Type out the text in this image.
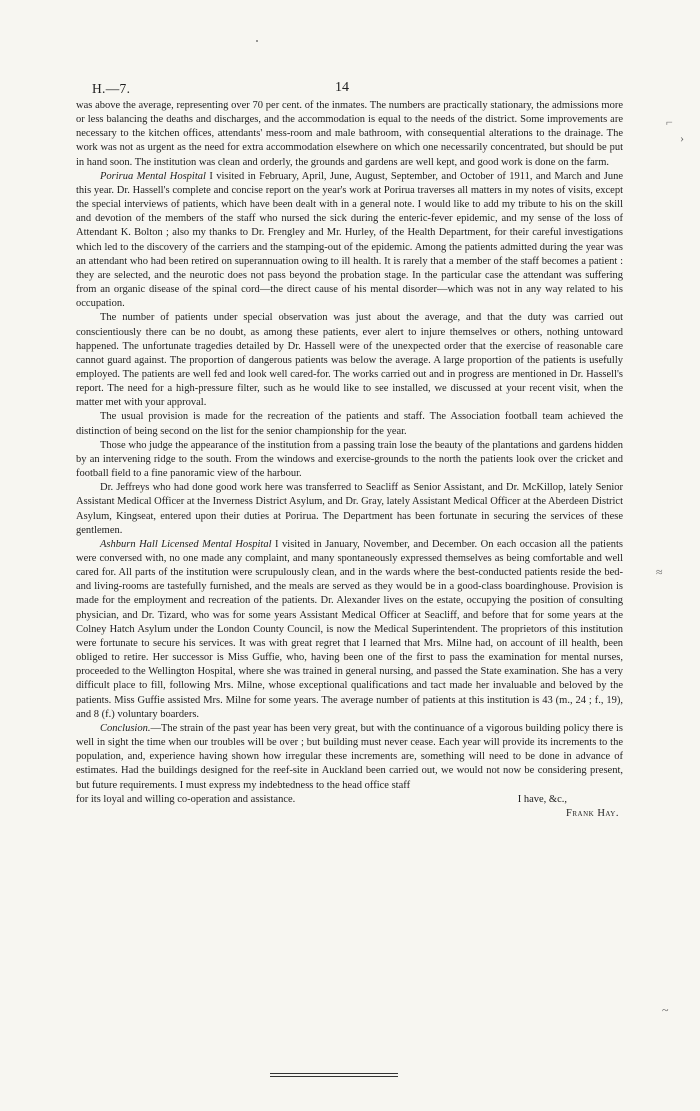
H.—7.	14

was above the average, representing over 70 per cent. of the inmates. The numbers are practically stationary, the admissions more or less balancing the deaths and discharges, and the accommodation is equal to the needs of the district. Some improvements are necessary to the kitchen offices, attendants' mess-room and male bathroom, with consequential alterations to the drainage. The work was not as urgent as the need for extra accommodation elsewhere on which one necessarily concentrated, but should be put in hand soon. The institution was clean and orderly, the grounds and gardens are well kept, and good work is done on the farm.

Porirua Mental Hospital I visited in February, April, June, August, September, and October of 1911, and March and June this year. Dr. Hassell's complete and concise report on the year's work at Porirua traverses all matters in my notes of visits, except the special interviews of patients, which have been dealt with in a general note. I would like to add my tribute to his on the skill and devotion of the members of the staff who nursed the sick during the enteric-fever epidemic, and my sense of the loss of Attendant K. Bolton ; also my thanks to Dr. Frengley and Mr. Hurley, of the Health Department, for their careful investigations which led to the discovery of the carriers and the stamping-out of the epidemic. Among the patients admitted during the year was an attendant who had been retired on superannuation owing to ill health. It is rarely that a member of the staff becomes a patient : they are selected, and the neurotic does not pass beyond the probation stage. In the particular case the attendant was suffering from an organic disease of the spinal cord—the direct cause of his mental disorder—which was not in any way related to his occupation.

The number of patients under special observation was just about the average, and that the duty was carried out conscientiously there can be no doubt, as among these patients, ever alert to injure themselves or others, nothing untoward happened. The unfortunate tragedies detailed by Dr. Hassell were of the unexpected order that the exercise of reasonable care cannot guard against. The proportion of dangerous patients was below the average. A large proportion of the patients is usefully employed. The patients are well fed and look well cared-for. The works carried out and in progress are mentioned in Dr. Hassell's report. The need for a high-pressure filter, such as he would like to see installed, we discussed at your recent visit, when the matter met with your approval.

The usual provision is made for the recreation of the patients and staff. The Association football team achieved the distinction of being second on the list for the senior championship for the year.

Those who judge the appearance of the institution from a passing train lose the beauty of the plantations and gardens hidden by an intervening ridge to the south. From the windows and exercise-grounds to the north the patients look over the cricket and football field to a fine panoramic view of the harbour.

Dr. Jeffreys who had done good work here was transferred to Seacliff as Senior Assistant, and Dr. McKillop, lately Senior Assistant Medical Officer at the Inverness District Asylum, and Dr. Gray, lately Assistant Medical Officer at the Aberdeen District Asylum, Kingseat, entered upon their duties at Porirua. The Department has been fortunate in securing the services of these gentlemen.

Ashburn Hall Licensed Mental Hospital I visited in January, November, and December. On each occasion all the patients were conversed with, no one made any complaint, and many spontaneously expressed themselves as being comfortable and well cared for. All parts of the institution were scrupulously clean, and in the wards where the best-conducted patients reside the bed- and living-rooms are tastefully furnished, and the meals are served as they would be in a good-class boardinghouse. Provision is made for the employment and recreation of the patients. Dr. Alexander lives on the estate, occupying the position of consulting physician, and Dr. Tizard, who was for some years Assistant Medical Officer at Seacliff, and before that for some years at the Colney Hatch Asylum under the London County Council, is now the Medical Superintendent. The proprietors of this institution were fortunate to secure his services. It was with great regret that I learned that Mrs. Milne had, on account of ill health, been obliged to retire. Her successor is Miss Guffie, who, having been one of the first to pass the examination for mental nurses, proceeded to the Wellington Hospital, where she was trained in general nursing, and passed the State examination. She has a very difficult place to fill, following Mrs. Milne, whose exceptional qualifications and tact made her invaluable and beloved by the patients. Miss Guffie assisted Mrs. Milne for some years. The average number of patients at this institution is 43 (m., 24 ; f., 19), and 8 (f.) voluntary boarders.

Conclusion.—The strain of the past year has been very great, but with the continuance of a vigorous building policy there is well in sight the time when our troubles will be over ; but building must never cease. Each year will provide its increments to the population, and, experience having shown how irregular these increments are, something will need to be done in advance of estimates. Had the buildings designed for the reef-site in Auckland been carried out, we would not now be considering present, but future requirements. I must express my indebtedness to the head office staff

for its loyal and willing co-operation and assistance.	I have, &c.,
Frank Hay.
⌐
›
≈
~
